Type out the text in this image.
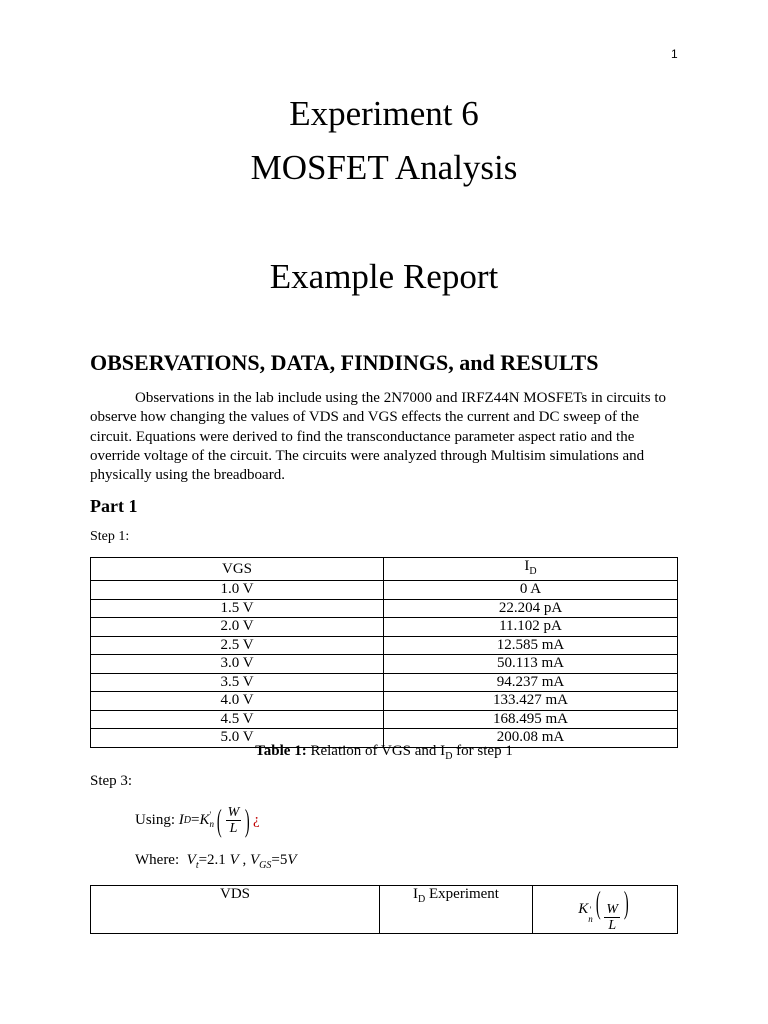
1
Experiment 6
MOSFET Analysis
Example Report
OBSERVATIONS, DATA, FINDINGS, and RESULTS
Observations in the lab include using the 2N7000 and IRFZ44N MOSFETs in circuits to observe how changing the values of VDS and VGS effects the current and DC sweep of the circuit. Equations were derived to find the transconductance parameter aspect ratio and the override voltage of the circuit. The circuits were analyzed through Multisim simulations and physically using the breadboard.
Part 1
Step 1:
VGS	$I_D$
1.0 V	0 A
1.5 V	22.204 pA
2.0 V	11.102 pA
2.5 V	12.585 mA
3.0 V	50.113 mA
3.5 V	94.237 mA
4.0 V	133.427 mA
4.5 V	168.495 mA
5.0 V	200.08 mA
Table 1: Relation of VGS and $I_D$ for step 1
Step 3:
Using:
I D = K '
n ( $\frac{W}{L}$ ) ¿
Where: $V_t=2.1$ V , $V_{GS}=5V$
VDS	$I_D$ Experiment	K '
n ( $\frac{W}{L}$ )
